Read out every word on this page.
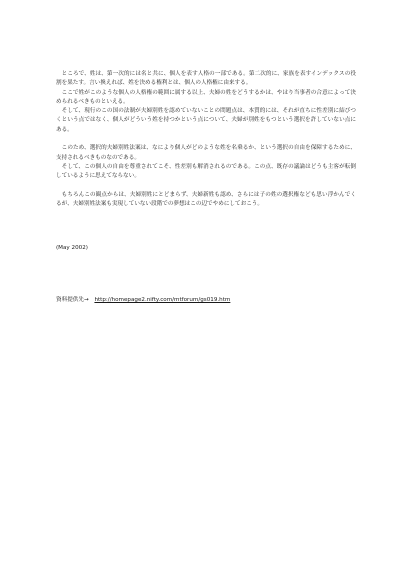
　ところで、姓は、第一次的には名と共に、個人を表す人格の一部である。第二次的に、家族を表すインデックスの役割を果たす。言い換えれば、姓を決める権利とは、個人の人格権に由来する。

　ここで姓がこのような個人の人格権の範囲に属する以上、夫婦の姓をどうするかは、やはり当事者の合意によって決められるべきものといえる。

　そして、現行のこの国の法制が夫婦別姓を認めていないことの問題点は、本質的には、それが直ちに性差別に結びつくという点ではなく、個人がどういう姓を持つかという点について、夫婦が別姓をもつという選択を許していない点にある。

　このため、選択的夫婦別姓法案は、なにより個人がどのような姓を名乗るか、という選択の自由を保障するために、支持されるべきものなのである。

　そして、この個人の自由を尊重されてこそ、性差別も解消されるのである。この点、既存の議論はどうも主客が転倒しているように思えてならない。

　もちろんこの観点からは、夫婦別姓にとどまらず、夫婦新姓も認め、さらには子の姓の選択権なども思い浮かんでくるが、夫婦別姓法案も実現していない段階での夢想はこの辺でやめにしておこう。

(May 2002)
資料提供先→ http://homepage2.nifty.com/mtforum/gs019.htm
